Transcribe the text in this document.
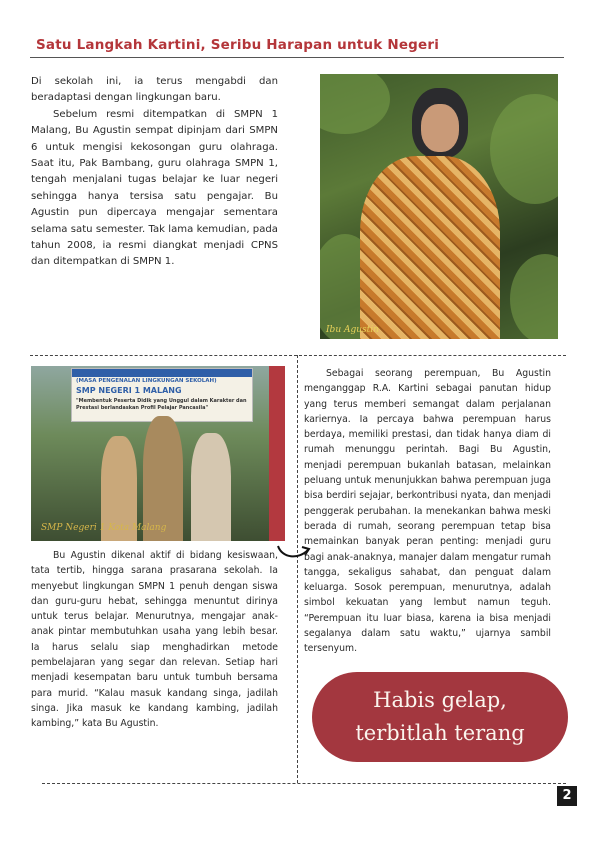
Satu Langkah Kartini, Seribu Harapan untuk Negeri

Di sekolah ini, ia terus mengabdi dan beradaptasi dengan lingkungan baru.
Sebelum resmi ditempatkan di SMPN 1 Malang, Bu Agustin sempat dipinjam dari SMPN 6 untuk mengisi kekosongan guru olahraga. Saat itu, Pak Bambang, guru olahraga SMPN 1, tengah menjalani tugas belajar ke luar negeri sehingga hanya tersisa satu pengajar. Bu Agustin pun dipercaya mengajar sementara selama satu semester. Tak lama kemudian, pada tahun 2008, ia resmi diangkat menjadi CPNS dan ditempatkan di SMPN 1.

Ibu Agustin
(MASA PENGENALAN LINGKUNGAN SEKOLAH)
SMP NEGERI 1 MALANG
"Membentuk Peserta Didik yang Unggul dalam Karakter dan Prestasi berlandaskan Profil Pelajar Pancasila"
SMP Negeri 1 Kota Malang

Bu Agustin dikenal aktif di bidang kesiswaan, tata tertib, hingga sarana prasarana sekolah. Ia menyebut lingkungan SMPN 1 penuh dengan siswa dan guru-guru hebat, sehingga menuntut dirinya untuk terus belajar. Menurutnya, mengajar anak-anak pintar membutuhkan usaha yang lebih besar. Ia harus selalu siap menghadirkan metode pembelajaran yang segar dan relevan. Setiap hari menjadi kesempatan baru untuk tumbuh bersama para murid. “Kalau masuk kandang singa, jadilah singa. Jika masuk ke kandang kambing, jadilah kambing,” kata Bu Agustin.

Sebagai seorang perempuan, Bu Agustin menganggap R.A. Kartini sebagai panutan hidup yang terus memberi semangat dalam perjalanan kariernya. Ia percaya bahwa perempuan harus berdaya, memiliki prestasi, dan tidak hanya diam di rumah menunggu perintah. Bagi Bu Agustin, menjadi perempuan bukanlah batasan, melainkan peluang untuk menunjukkan bahwa perempuan juga bisa berdiri sejajar, berkontribusi nyata, dan menjadi penggerak perubahan. Ia menekankan bahwa meski berada di rumah, seorang perempuan tetap bisa memainkan banyak peran penting: menjadi guru bagi anak-anaknya, manajer dalam mengatur rumah tangga, sekaligus sahabat, dan penguat dalam keluarga. Sosok perempuan, menurutnya, adalah simbol kekuatan yang lembut namun teguh. “Perempuan itu luar biasa, karena ia bisa menjadi segalanya dalam satu waktu,” ujarnya sambil tersenyum.

Habis gelap,
terbitlah terang
2
